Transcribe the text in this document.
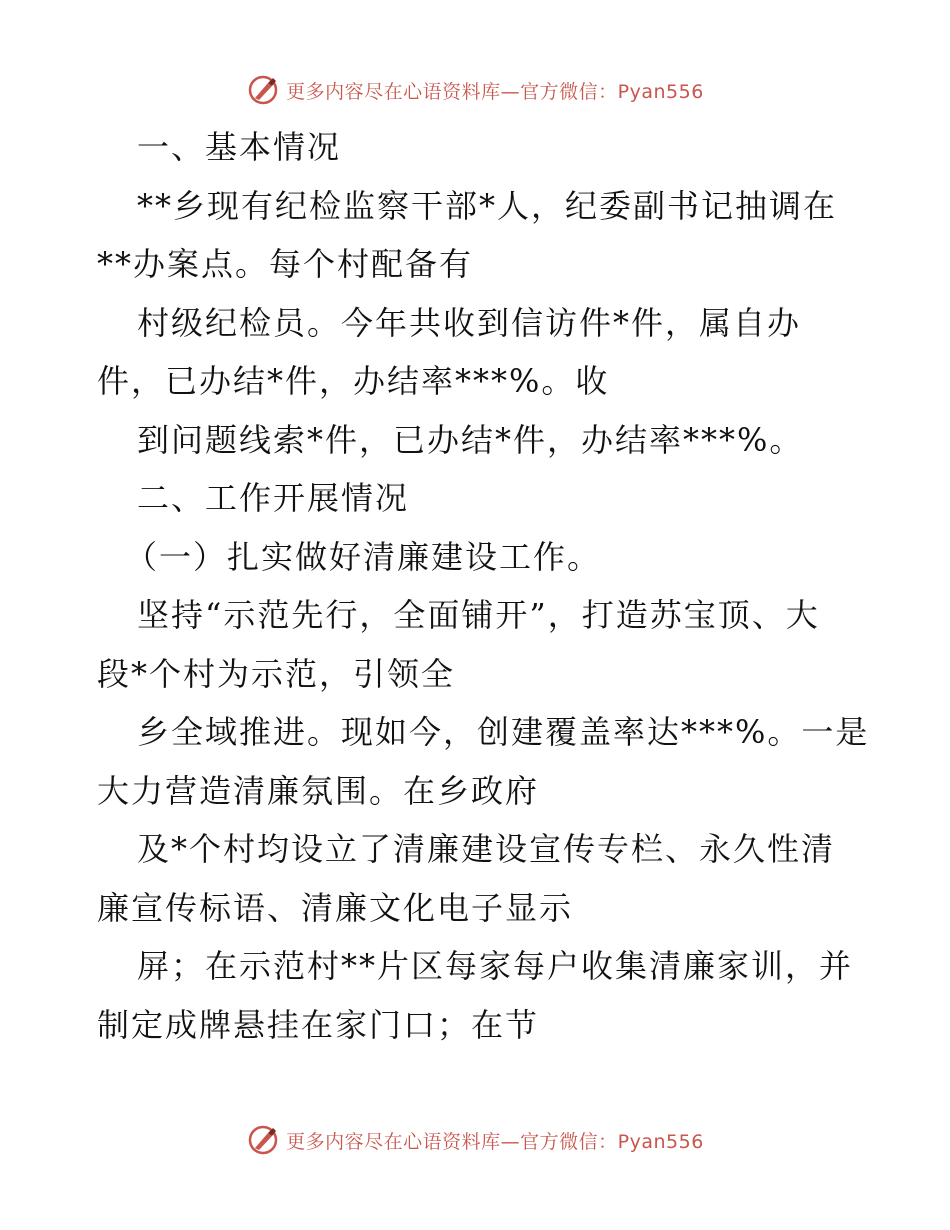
更多内容尽在心语资料库—官方微信：Pyan556
一、基本情况
**乡现有纪检监察干部*人，纪委副书记抽调在
**办案点。每个村配备有
村级纪检员。今年共收到信访件*件，属自办
件，已办结*件，办结率***%。收
到问题线索*件，已办结*件，办结率***%。
二、工作开展情况
（一）扎实做好清廉建设工作。
坚持“示范先行，全面铺开”，打造苏宝顶、大
段*个村为示范，引领全
乡全域推进。现如今，创建覆盖率达***%。一是
大力营造清廉氛围。在乡政府
及*个村均设立了清廉建设宣传专栏、永久性清
廉宣传标语、清廉文化电子显示
屏；在示范村**片区每家每户收集清廉家训，并
制定成牌悬挂在家门口；在节
更多内容尽在心语资料库—官方微信：Pyan556
